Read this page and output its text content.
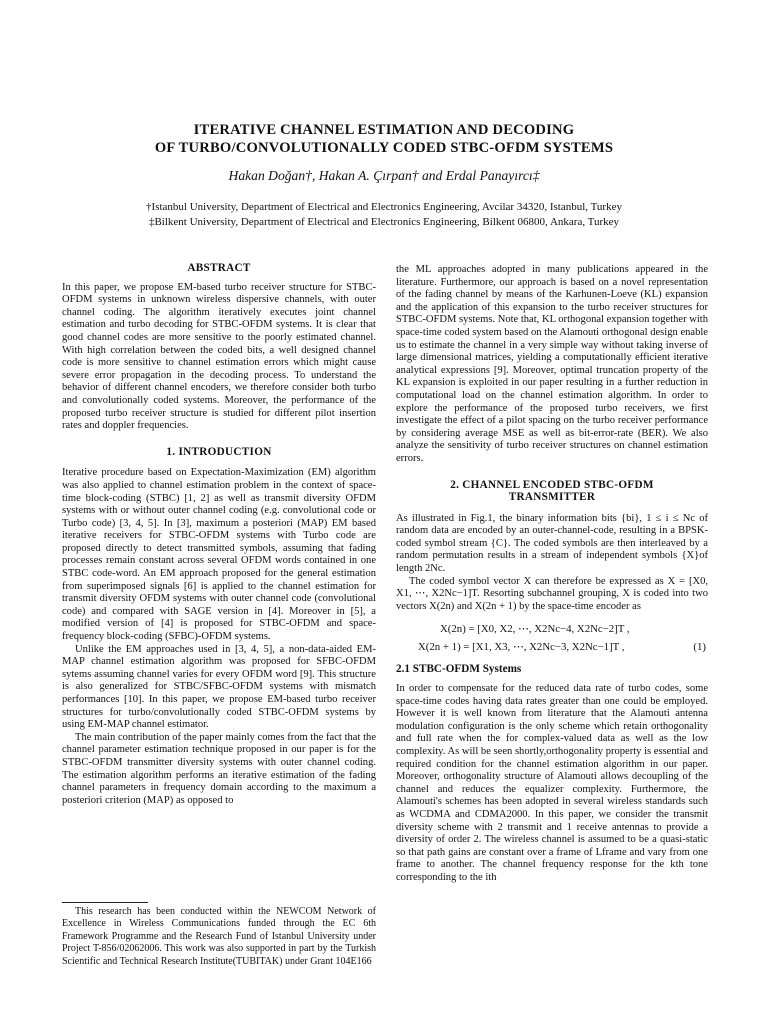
ITERATIVE CHANNEL ESTIMATION AND DECODING
OF TURBO/CONVOLUTIONALLY CODED STBC-OFDM SYSTEMS
Hakan Doğan†, Hakan A. Çırpan† and Erdal Panayırcı‡
†Istanbul University, Department of Electrical and Electronics Engineering, Avcilar 34320, Istanbul, Turkey
‡Bilkent University, Department of Electrical and Electronics Engineering, Bilkent 06800, Ankara, Turkey

ABSTRACT

In this paper, we propose EM-based turbo receiver structure for STBC-OFDM systems in unknown wireless dispersive channels, with outer channel coding. The algorithm iteratively executes joint channel estimation and turbo decoding for STBC-OFDM systems. It is clear that good channel codes are more sensitive to the poorly estimated channel. With high correlation between the coded bits, a well designed channel code is more sensitive to channel estimation errors which might cause severe error propagation in the decoding process. To understand the behavior of different channel encoders, we therefore consider both turbo and convolutionally coded systems. Moreover, the performance of the proposed turbo receiver structure is studied for different pilot insertion rates and doppler frequencies.

1. INTRODUCTION

Iterative procedure based on Expectation-Maximization (EM) algorithm was also applied to channel estimation problem in the context of space-time block-coding (STBC) [1, 2] as well as transmit diversity OFDM systems with or without outer channel coding (e.g. convolutional code or Turbo code) [3, 4, 5]. In [3], maximum a posteriori (MAP) EM based iterative receivers for STBC-OFDM systems with Turbo code are proposed directly to detect transmitted symbols, assuming that fading processes remain constant across several OFDM words contained in one STBC code-word. An EM approach proposed for the general estimation from superimposed signals [6] is applied to the channel estimation for transmit diversity OFDM systems with outer channel code (convolutional code) and compared with SAGE version in [4]. Moreover in [5], a modified version of [4] is proposed for STBC-OFDM and space-frequency block-coding (SFBC)-OFDM systems.

Unlike the EM approaches used in [3, 4, 5], a non-data-aided EM-MAP channel estimation algorithm was proposed for SFBC-OFDM sytems assuming channel varies for every OFDM word [9]. This structure is also generalized for STBC/SFBC-OFDM systems with mismatch performances [10]. In this paper, we propose EM-based turbo receiver structures for turbo/convolutionally coded STBC-OFDM systems by using EM-MAP channel estimator.

The main contribution of the paper mainly comes from the fact that the channel parameter estimation technique proposed in our paper is for the STBC-OFDM transmitter diversity systems with outer channel coding. The estimation algorithm performs an iterative estimation of the fading channel parameters in frequency domain according to the maximum a posteriori criterion (MAP) as opposed to

This research has been conducted within the NEWCOM Network of Excellence in Wireless Communications funded through the EC 6th Framework Programme and the Research Fund of Istanbul University under Project T-856/02062006. This work was also supported in part by the Turkish Scientific and Technical Research Institute(TUBITAK) under Grant 104E166

the ML approaches adopted in many publications appeared in the literature. Furthermore, our approach is based on a novel representation of the fading channel by means of the Karhunen-Loeve (KL) expansion and the application of this expansion to the turbo receiver structures for STBC-OFDM systems. Note that, KL orthogonal expansion together with space-time coded system based on the Alamouti orthogonal design enable us to estimate the channel in a very simple way without taking inverse of large dimensional matrices, yielding a computationally efficient iterative analytical expressions [9]. Moreover, optimal truncation property of the KL expansion is exploited in our paper resulting in a further reduction in computational load on the channel estimation algorithm. In order to explore the performance of the proposed turbo receivers, we first investigate the effect of a pilot spacing on the turbo receiver performance by considering average MSE as well as bit-error-rate (BER). We also analyze the sensitivity of turbo receiver structures on channel estimation errors.

2. CHANNEL ENCODED STBC-OFDM

TRANSMITTER

As illustrated in Fig.1, the binary information bits {bi}, 1 ≤ i ≤ Nc of random data are encoded by an outer-channel-code, resulting in a BPSK-coded symbol stream {C}. The coded symbols are then interleaved by a random permutation results in a stream of independent symbols {X}of length 2Nc.

The coded symbol vector X can therefore be expressed as X = [X0, X1, ⋯, X2Nc−1]T. Resorting subchannel grouping, X is coded into two vectors X(2n) and X(2n + 1) by the space-time encoder as

X(2n) = [X0, X2, ⋯, X2Nc−4, X2Nc−2]T ,
X(2n + 1) = [X1, X3, ⋯, X2Nc−3, X2Nc−1]T ,	(1)

2.1 STBC-OFDM Systems

In order to compensate for the reduced data rate of turbo codes, some space-time codes having data rates greater than one could be employed. However it is well known from literature that the Alamouti antenna modulation configuration is the only scheme which retain orthogonality and full rate when the for complex-valued data as well as the low complexity. As will be seen shortly,orthogonality property is essential and required condition for the channel estimation algorithm in our paper. Moreover, orthogonality structure of Alamouti allows decoupling of the channel and reduces the equalizer complexity. Furthermore, the Alamouti's schemes has been adopted in several wireless standards such as WCDMA and CDMA2000. In this paper, we consider the transmit diversity scheme with 2 transmit and 1 receive antennas to provide a diversity of order 2. The wireless channel is assumed to be a quasi-static so that path gains are constant over a frame of Lframe and vary from one frame to another. The channel frequency response for the kth tone corresponding to the ith
